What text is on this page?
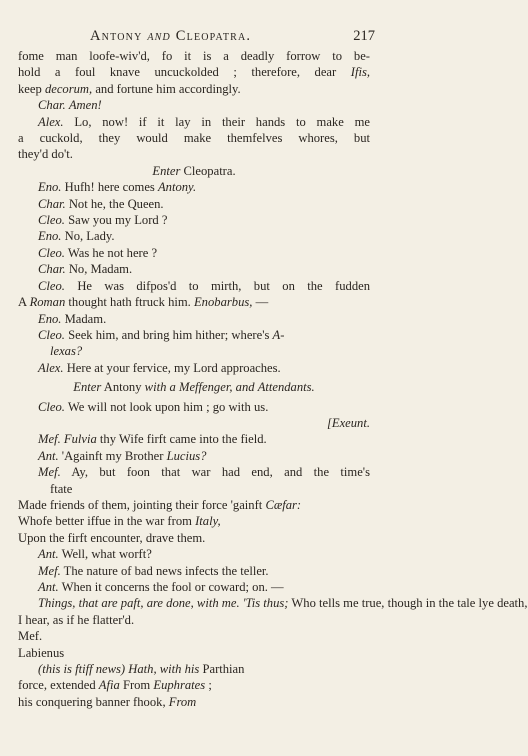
Antony and Cleopatra.	217
fome man loofe-wiv'd, fo it is a deadly forrow to be-
hold a foul knave uncuckolded ; therefore, dear Ifis,
keep decorum, and fortune him accordingly.
Char. Amen!
Alex. Lo, now! if it lay in their hands to make me
a cuckold, they would make themfelves whores, but
they'd do't.
Enter Cleopatra.
Eno. Hufh! here comes Antony.
Char. Not he, the Queen.
Cleo. Saw you my Lord ?
Eno. No, Lady.
Cleo. Was he not here ?
Char. No, Madam.
Cleo. He was difpos'd to mirth, but on the fudden
A Roman thought hath ftruck him. Enobarbus, —
Eno. Madam.
Cleo. Seek him, and bring him hither; where's A-
lexas?
Alex. Here at your fervice, my Lord approaches.
Enter Antony with a Meffenger, and Attendants.
Cleo. We will not look upon him ; go with us.
[Exeunt.
Mef. Fulvia thy Wife firft came into the field.
Ant. 'Againft my Brother Lucius?
Mef. Ay, but foon that war had end, and the time's
ftate
Made friends of them, jointing their force 'gainft Cæfar:
Whofe better iffue in the war from Italy,
Upon the firft encounter, drave them.
Ant. Well, what worft?
Mef. The nature of bad news infects the teller.
Ant. When it concerns the fool or coward; on. —
Things, that are paft, are done, with me. 'Tis thus; Who tells me true, though in the tale lye death,
I hear, as if he flatter'd.
Mef.
Labienus
(this is ftiff news) Hath, with his Parthian
force, extended Afia From Euphrates ;
his conquering banner fhook, From
